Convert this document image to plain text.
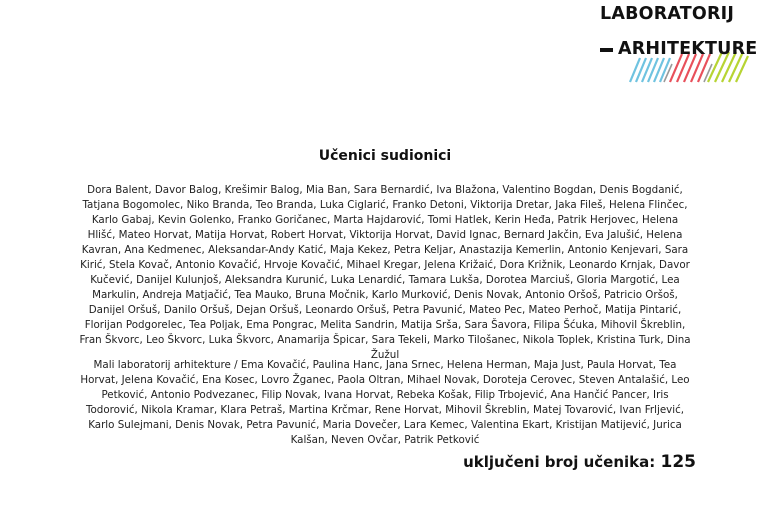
LABORATORIJ
ARHITEKTURE
Učenici sudionici

Dora Balent, Davor Balog, Krešimir Balog, Mia Ban, Sara Bernardić, Iva Blažona, Valentino Bogdan, Denis Bogdanić, Tatjana Bogomolec, Niko Branda, Teo Branda, Luka Ciglarić, Franko Detoni, Viktorija Dretar, Jaka Fileš, Helena Flinčec, Karlo Gabaj, Kevin Golenko, Franko Goričanec, Marta Hajdarović, Tomi Hatlek, Kerin Heđa, Patrik Herjovec, Helena Hlišć, Mateo Horvat, Matija Horvat, Robert Horvat, Viktorija Horvat, David Ignac, Bernard Jakčin, Eva Jalušić, Helena Kavran, Ana Kedmenec, Aleksandar-Andy Katić, Maja Kekez, Petra Keljar, Anastazija Kemerlin, Antonio Kenjevari, Sara Kirić, Stela Kovač, Antonio Kovačić, Hrvoje Kovačić, Mihael Kregar, Jelena Križaić, Dora Križnik, Leonardo Krnjak, Davor Kučević, Danijel Kulunjoš, Aleksandra Kurunić, Luka Lenardić, Tamara Lukša, Dorotea Marciuš, Gloria Margotić, Lea Markulin, Andreja Matjačić, Tea Mauko, Bruna Močnik, Karlo Murković, Denis Novak, Antonio Oršoš, Patricio Oršoš, Danijel Oršuš, Danilo Oršuš, Dejan Oršuš, Leonardo Oršuš, Petra Pavunić, Mateo Pec, Mateo Perhoč, Matija Pintarić, Florijan Podgorelec, Tea Poljak, Ema Pongrac, Melita Sandrin, Matija Srša, Sara Šavora, Filipa Šćuka, Mihovil Škreblin, Fran Škvorc, Leo Škvorc, Luka Škvorc, Anamarija Špicar, Sara Tekeli, Marko Tilošanec, Nikola Toplek, Kristina Turk, Dina Žužul

Mali laboratorij arhitekture / Ema Kovačić, Paulina Hanc, Jana Srnec, Helena Herman, Maja Just, Paula Horvat, Tea Horvat, Jelena Kovačić, Ena Kosec, Lovro Žganec, Paola Oltran, Mihael Novak, Doroteja Cerovec, Steven Antalašić, Leo Petković, Antonio Podvezanec, Filip Novak, Ivana Horvat, Rebeka Košak, Filip Trbojević, Ana Hančić Pancer, Iris Todorović, Nikola Kramar, Klara Petraš, Martina Krčmar, Rene Horvat, Mihovil Škreblin, Matej Tovarović, Ivan Frljević, Karlo Sulejmani, Denis Novak, Petra Pavunić, Maria Dovečer, Lara Kemec, Valentina Ekart, Kristijan Matijević, Jurica Kalšan, Neven Ovčar, Patrik Petković

uključeni broj učenika: 125
